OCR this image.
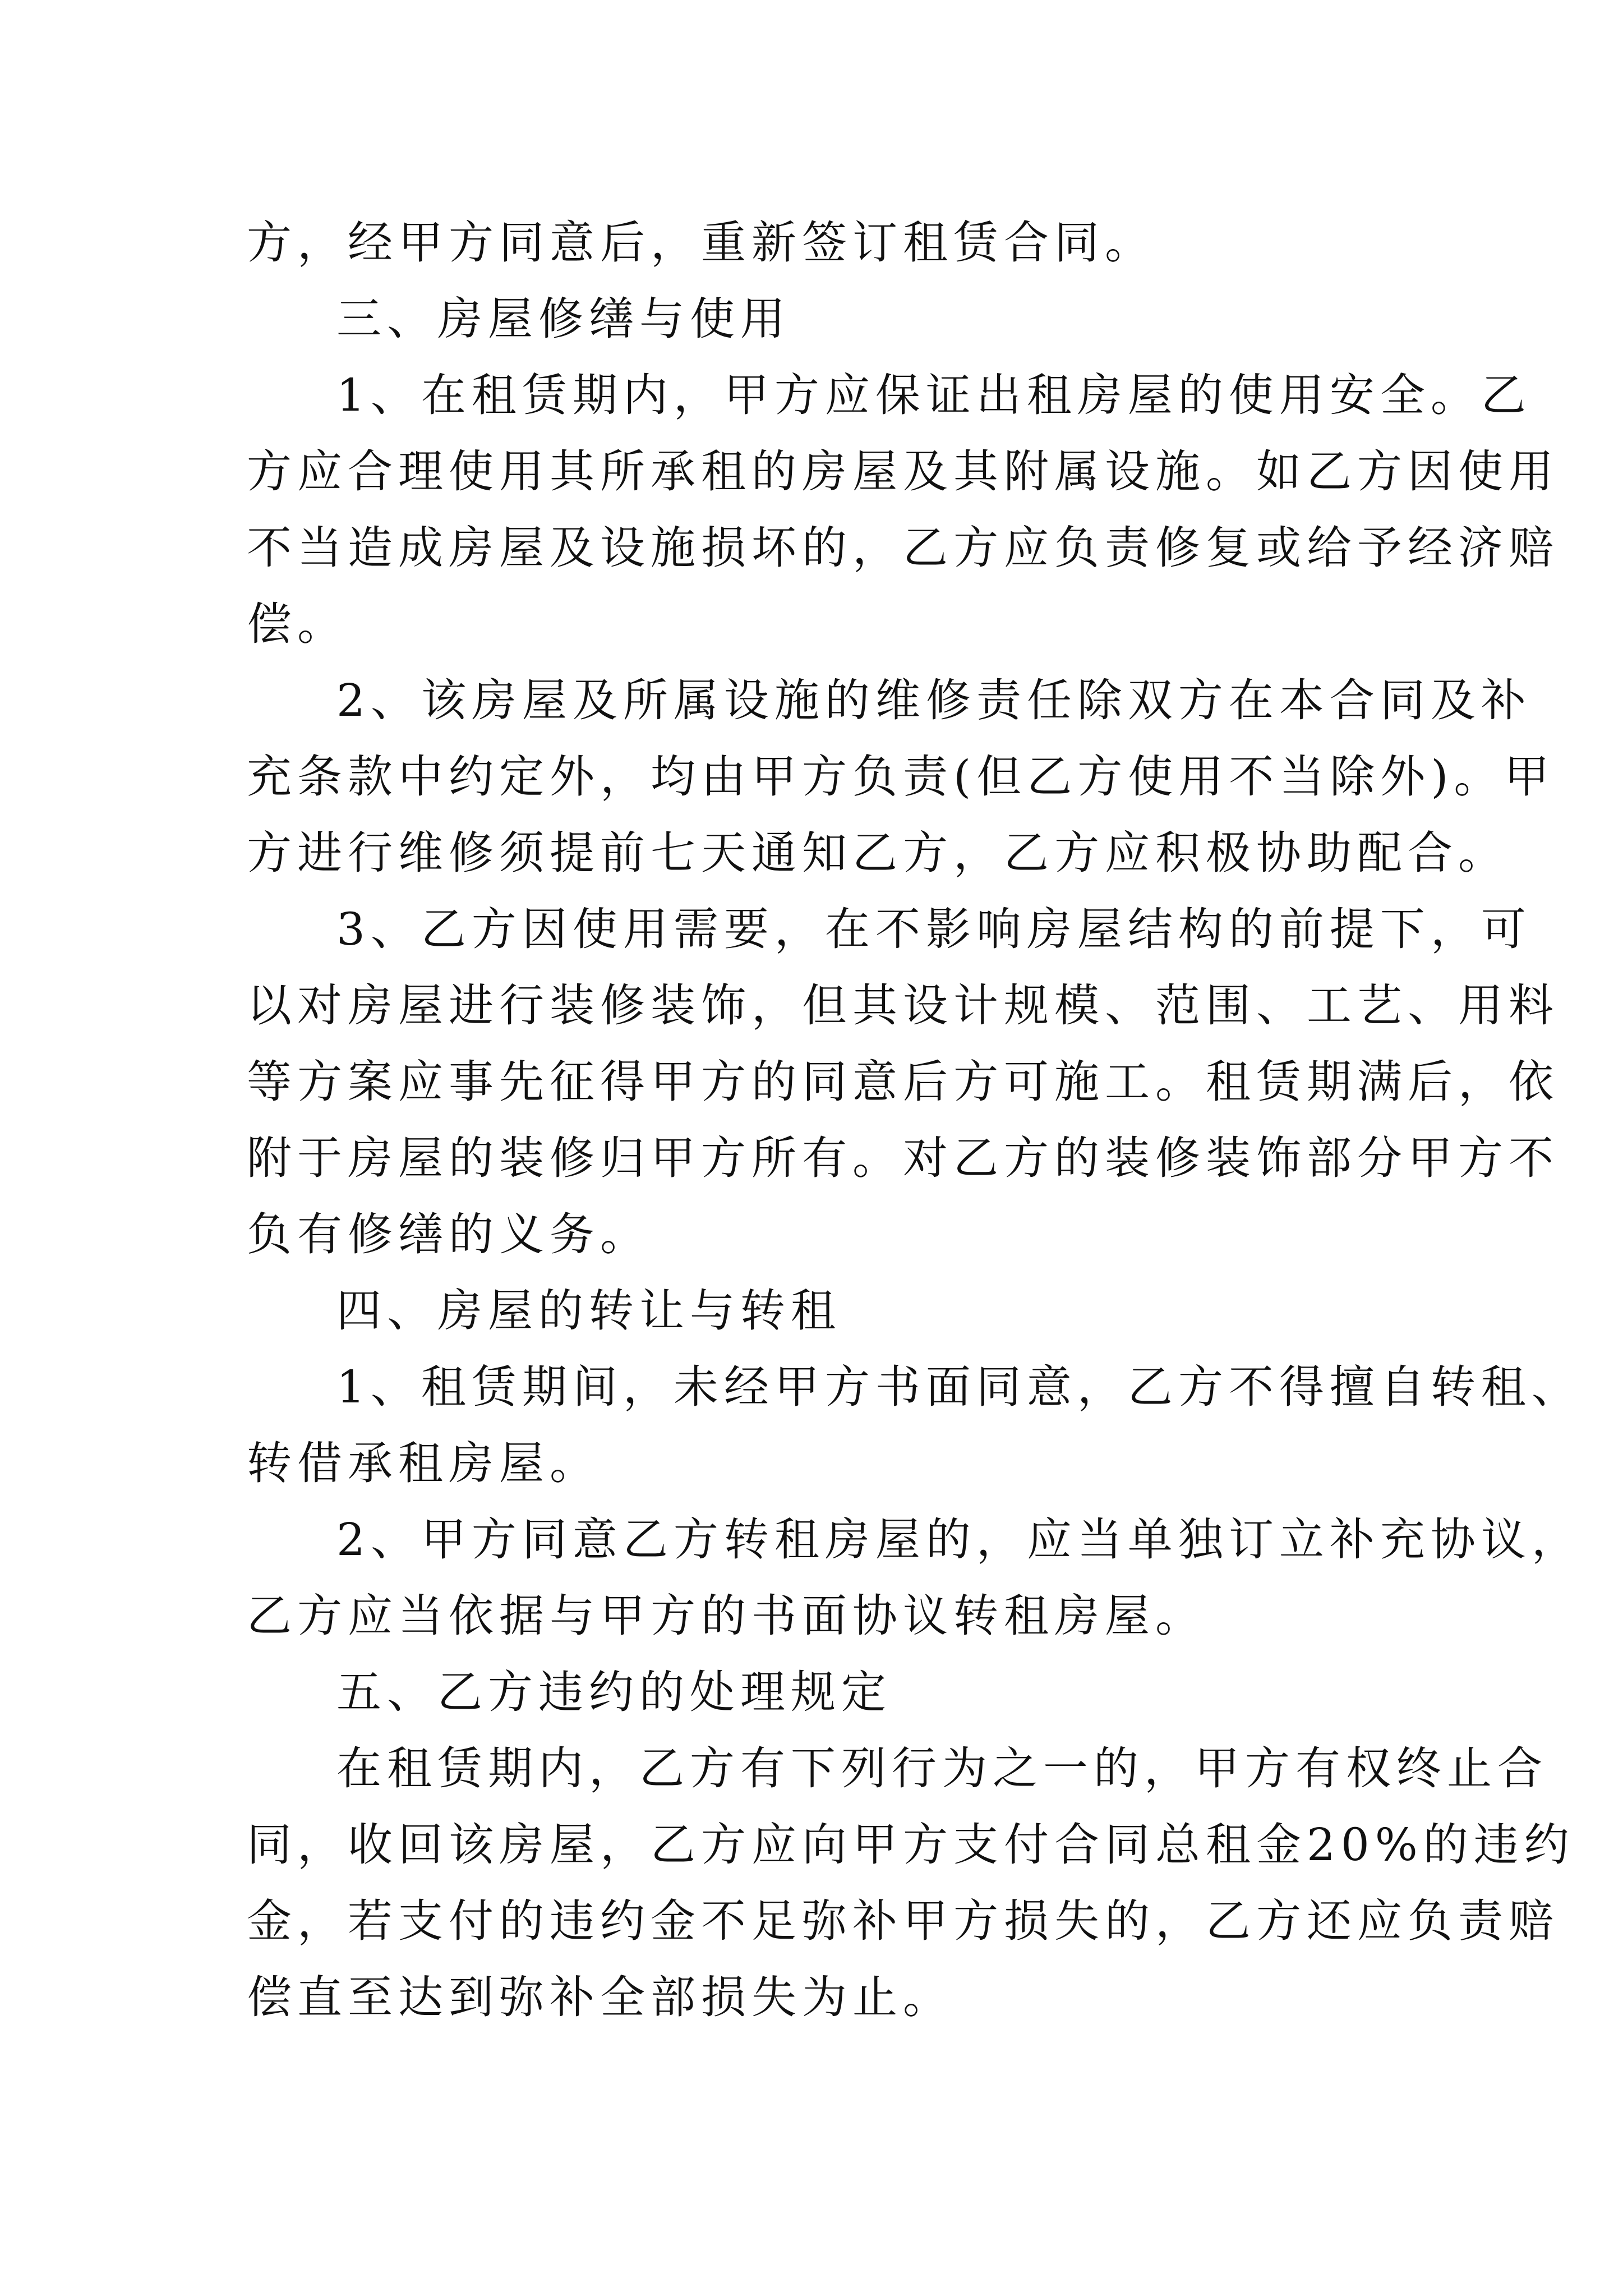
方，经甲方同意后，重新签订租赁合同。
三、房屋修缮与使用
1、在租赁期内，甲方应保证出租房屋的使用安全。乙
方应合理使用其所承租的房屋及其附属设施。如乙方因使用
不当造成房屋及设施损坏的，乙方应负责修复或给予经济赔
偿。
2、该房屋及所属设施的维修责任除双方在本合同及补
充条款中约定外，均由甲方负责(但乙方使用不当除外)。甲
方进行维修须提前七天通知乙方，乙方应积极协助配合。
3、乙方因使用需要，在不影响房屋结构的前提下，可
以对房屋进行装修装饰，但其设计规模、范围、工艺、用料
等方案应事先征得甲方的同意后方可施工。租赁期满后，依
附于房屋的装修归甲方所有。对乙方的装修装饰部分甲方不
负有修缮的义务。
四、房屋的转让与转租
1、租赁期间，未经甲方书面同意，乙方不得擅自转租、
转借承租房屋。
2、甲方同意乙方转租房屋的，应当单独订立补充协议，
乙方应当依据与甲方的书面协议转租房屋。
五、乙方违约的处理规定
在租赁期内，乙方有下列行为之一的，甲方有权终止合
同，收回该房屋，乙方应向甲方支付合同总租金20%的违约
金，若支付的违约金不足弥补甲方损失的，乙方还应负责赔
偿直至达到弥补全部损失为止。
